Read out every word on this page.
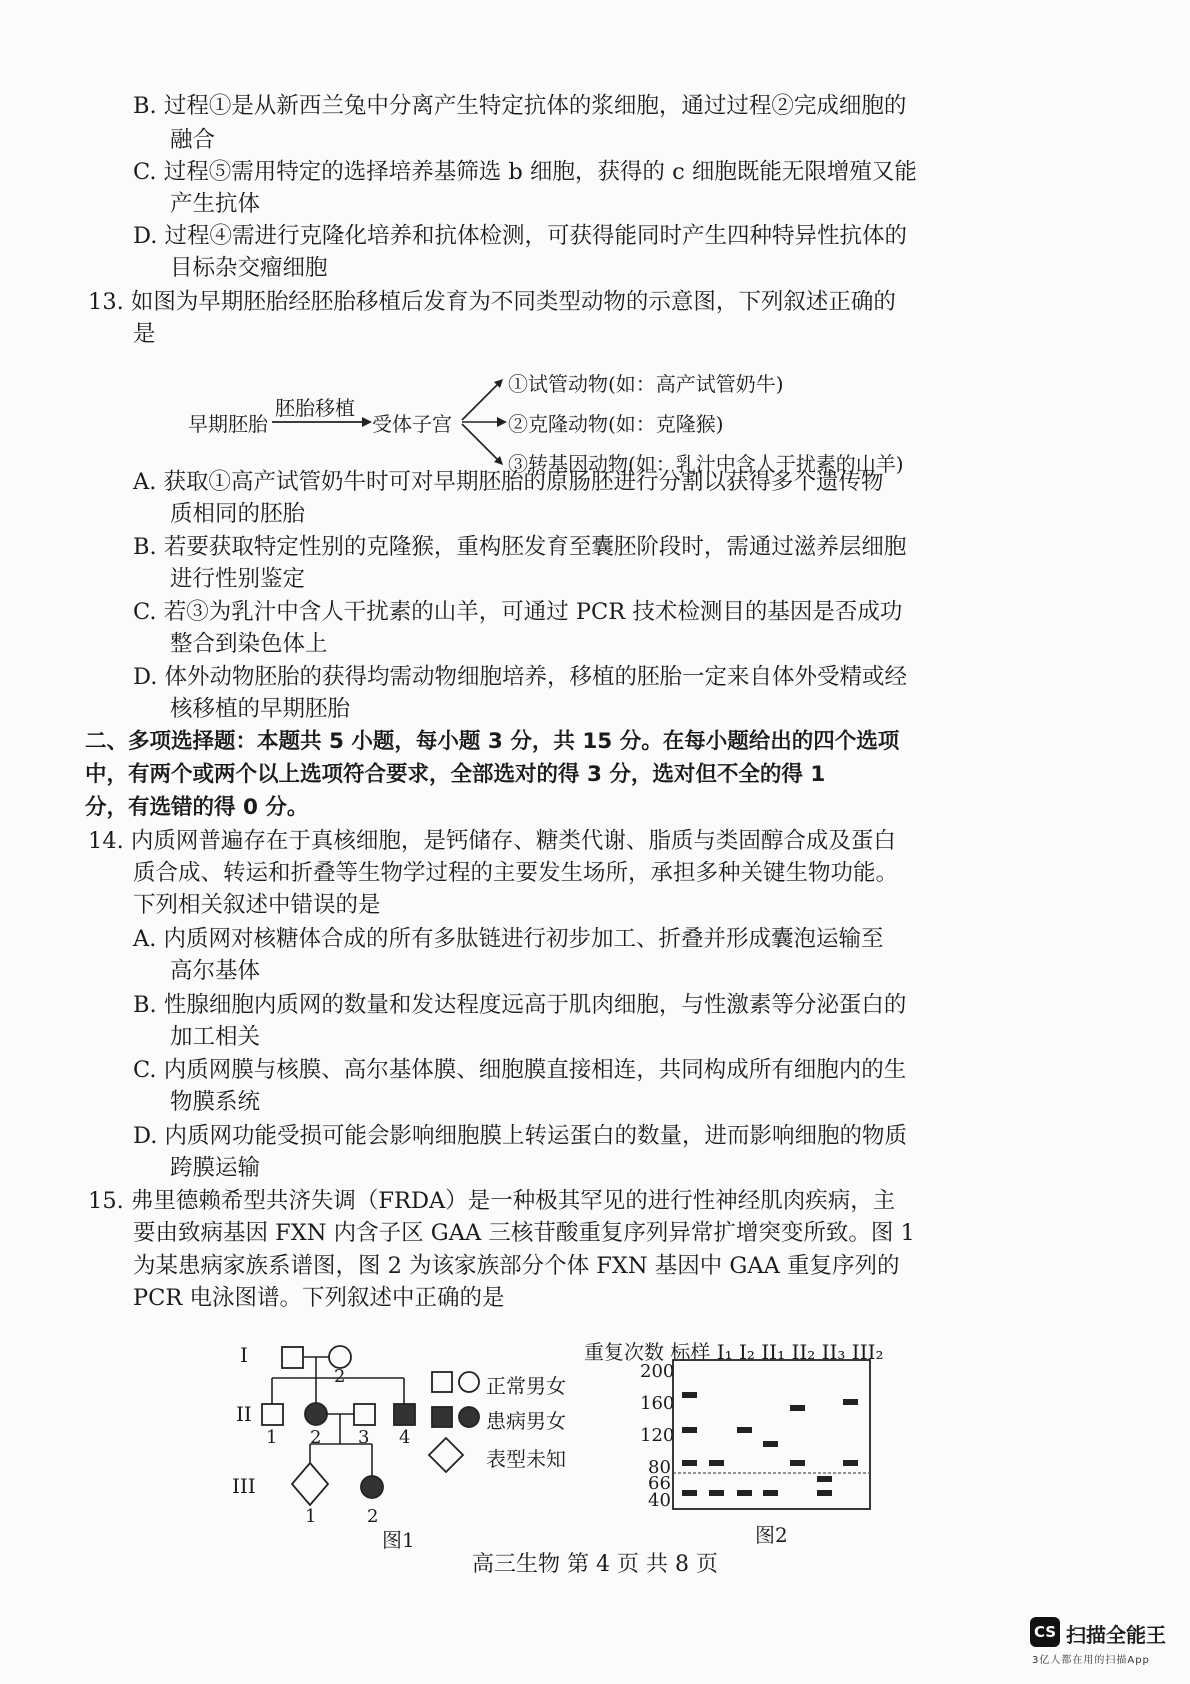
B. 过程①是从新西兰兔中分离产生特定抗体的浆细胞，通过过程②完成细胞的
融合
C. 过程⑤需用特定的选择培养基筛选 b 细胞，获得的 c 细胞既能无限增殖又能
产生抗体
D. 过程④需进行克隆化培养和抗体检测，可获得能同时产生四种特异性抗体的
目标杂交瘤细胞
13. 如图为早期胚胎经胚胎移植后发育为不同类型动物的示意图，下列叙述正确的
是
A. 获取①高产试管奶牛时可对早期胚胎的原肠胚进行分割以获得多个遗传物
质相同的胚胎
B. 若要获取特定性别的克隆猴，重构胚发育至囊胚阶段时，需通过滋养层细胞
进行性别鉴定
C. 若③为乳汁中含人干扰素的山羊，可通过 PCR 技术检测目的基因是否成功
整合到染色体上
D. 体外动物胚胎的获得均需动物细胞培养，移植的胚胎一定来自体外受精或经
核移植的早期胚胎
二、多项选择题：本题共 5 小题，每小题 3 分，共 15 分。在每小题给出的四个选项
中，有两个或两个以上选项符合要求，全部选对的得 3 分，选对但不全的得 1
分，有选错的得 0 分。
14. 内质网普遍存在于真核细胞，是钙储存、糖类代谢、脂质与类固醇合成及蛋白
质合成、转运和折叠等生物学过程的主要发生场所，承担多种关键生物功能。
下列相关叙述中错误的是
A. 内质网对核糖体合成的所有多肽链进行初步加工、折叠并形成囊泡运输至
高尔基体
B. 性腺细胞内质网的数量和发达程度远高于肌肉细胞，与性激素等分泌蛋白的
加工相关
C. 内质网膜与核膜、高尔基体膜、细胞膜直接相连，共同构成所有细胞内的生
物膜系统
D. 内质网功能受损可能会影响细胞膜上转运蛋白的数量，进而影响细胞的物质
跨膜运输
15. 弗里德赖希型共济失调（FRDA）是一种极其罕见的进行性神经肌肉疾病，主
要由致病基因 FXN 内含子区 GAA 三核苷酸重复序列异常扩增突变所致。图 1
为某患病家族系谱图，图 2 为该家族部分个体 FXN 基因中 GAA 重复序列的
PCR 电泳图谱。下列叙述中正确的是
早期胚胎
胚胎移植
受体子宫
①试管动物(如：高产试管奶牛)
②克隆动物(如：克隆猴)
③转基因动物(如：乳汁中含人干扰素的山羊)
I
II
III
2
1 2 3 4
1	2
正常男女
患病男女
表型未知
图1
重复次数 标样 I₁ I₂ II₁ II₂ II₃ III₂
200
160
120
80
66
40
图2
高三生物 第 4 页 共 8 页
CS 扫描全能王
3亿人都在用的扫描App
